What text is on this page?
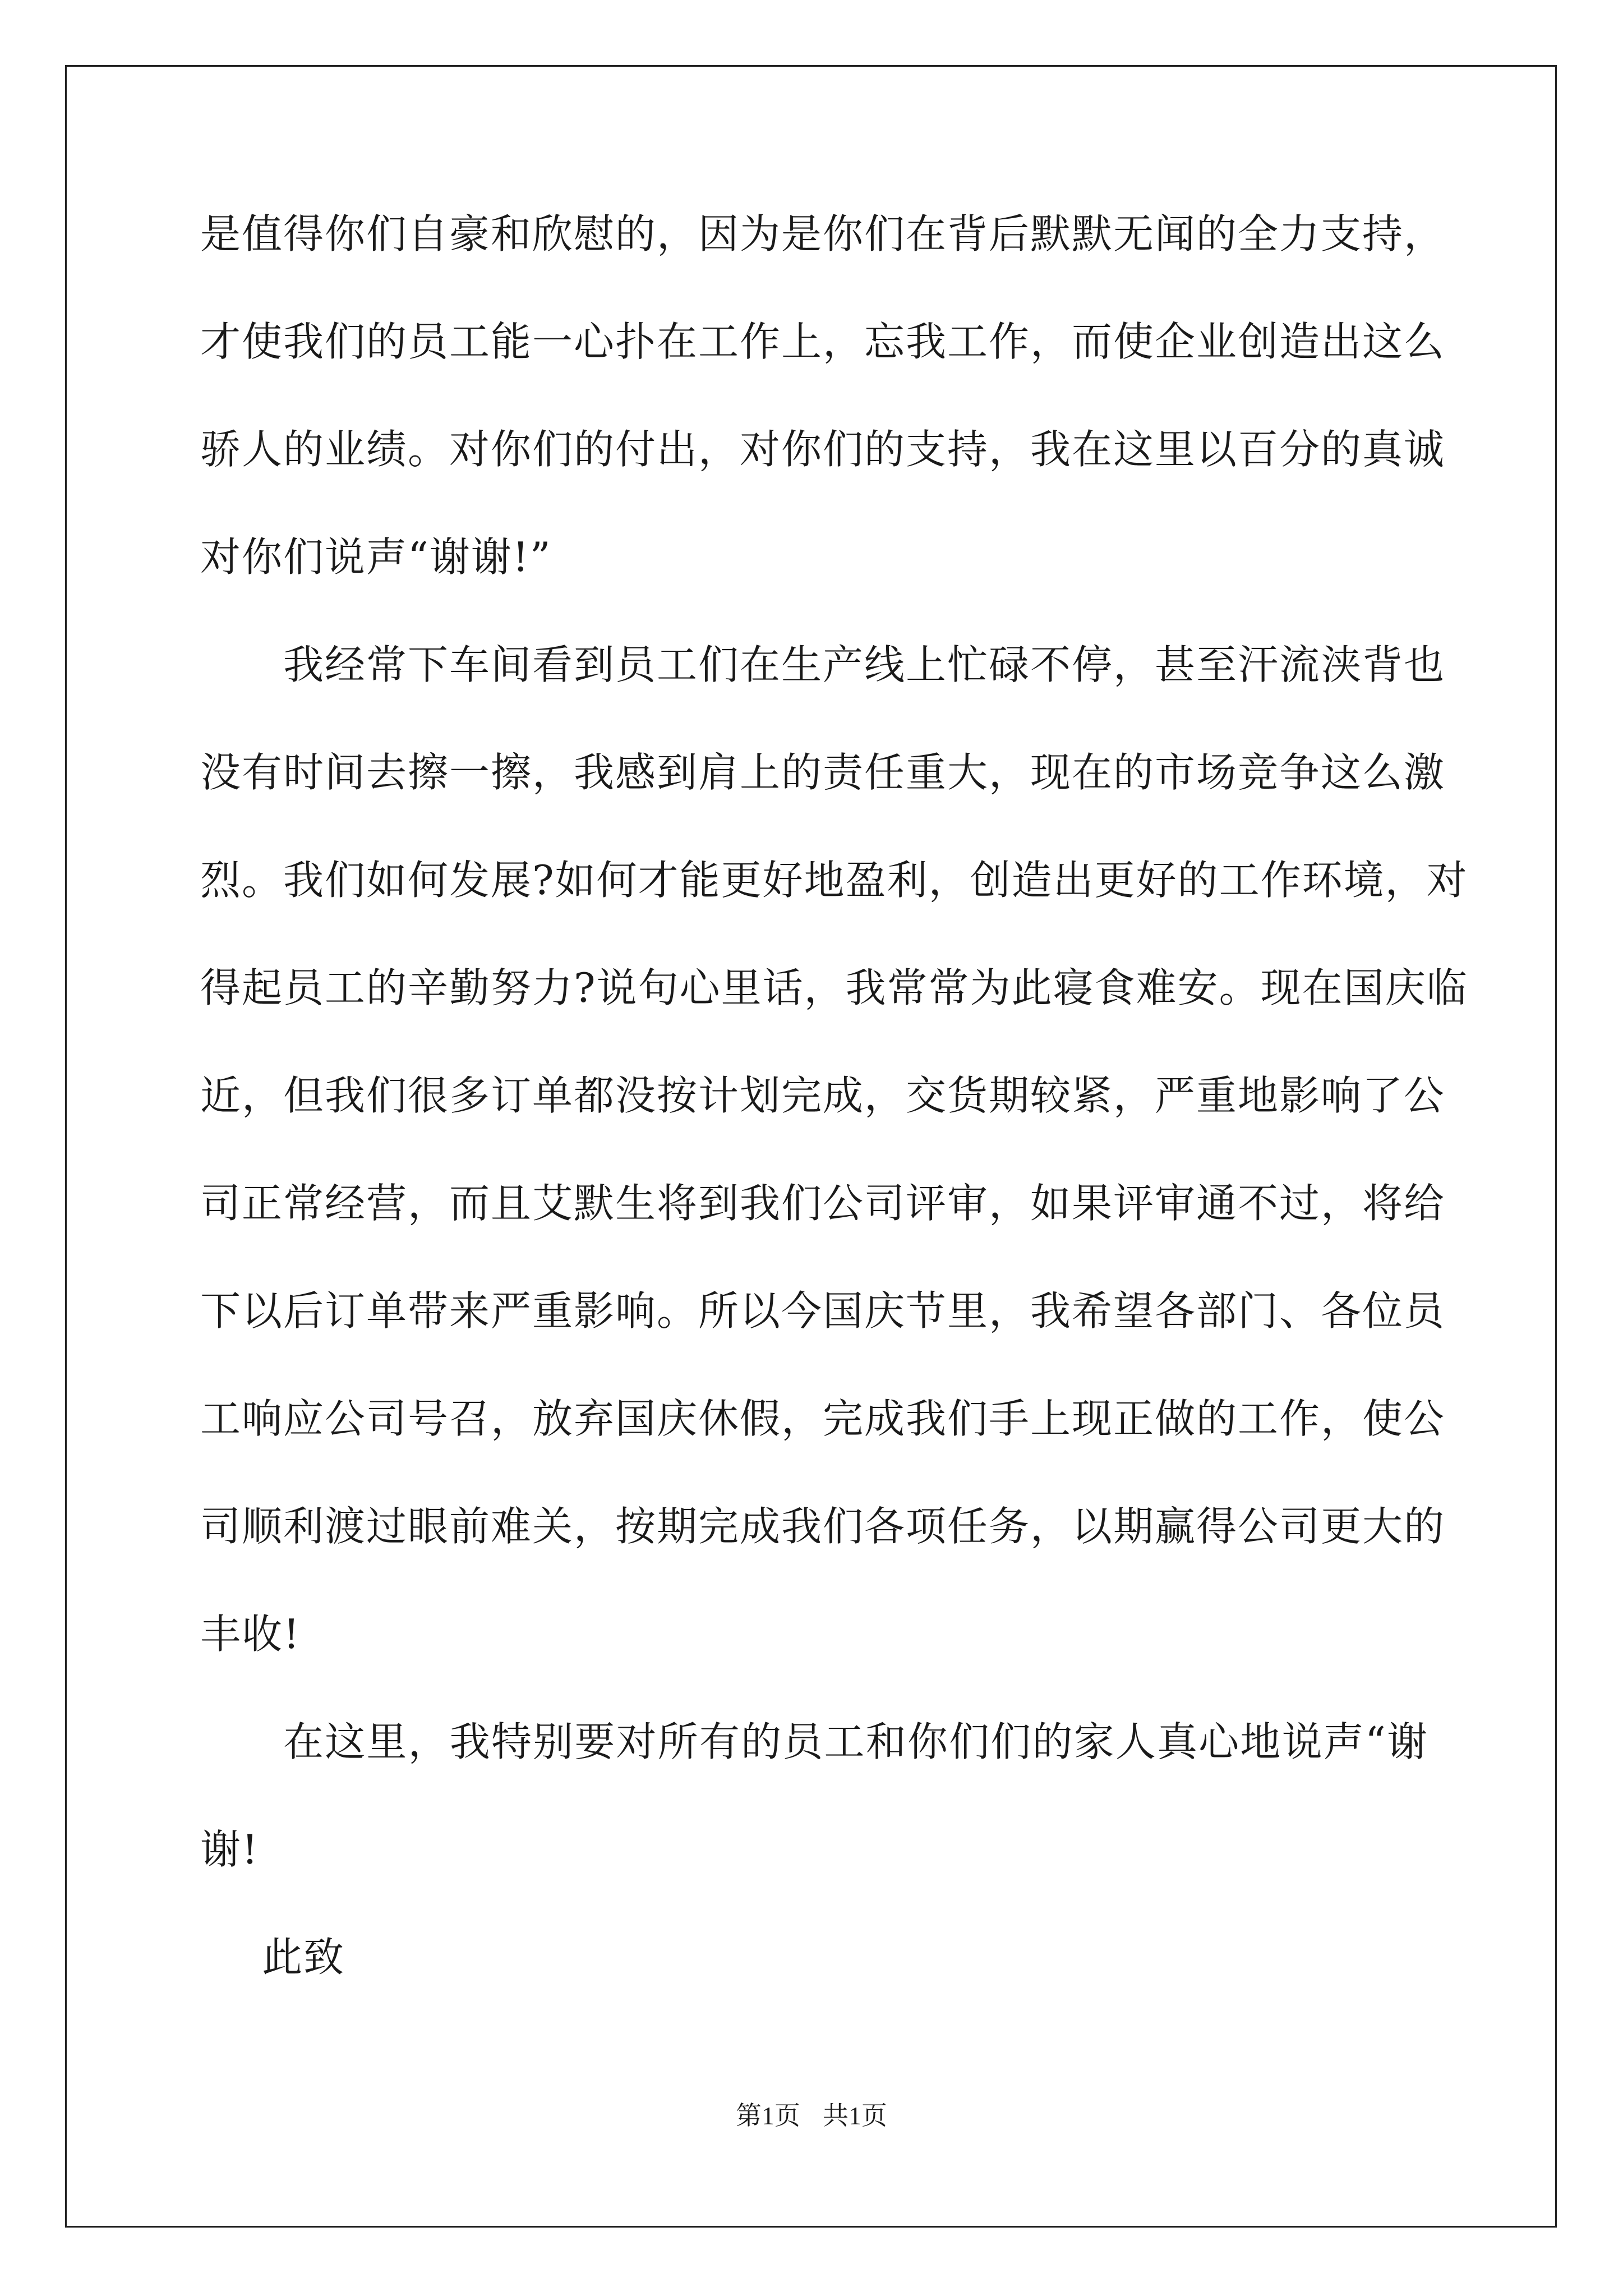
是值得你们自豪和欣慰的，因为是你们在背后默默无闻的全力支持，
才使我们的员工能一心扑在工作上，忘我工作，而使企业创造出这么
骄人的业绩。对你们的付出，对你们的支持，我在这里以百分的真诚
对你们说声“谢谢!”
我经常下车间看到员工们在生产线上忙碌不停，甚至汗流浃背也
没有时间去擦一擦，我感到肩上的责任重大，现在的市场竞争这么激
烈。我们如何发展?如何才能更好地盈利，创造出更好的工作环境，对
得起员工的辛勤努力?说句心里话，我常常为此寝食难安。现在国庆临
近，但我们很多订单都没按计划完成，交货期较紧，严重地影响了公
司正常经营，而且艾默生将到我们公司评审，如果评审通不过，将给
下以后订单带来严重影响。所以今国庆节里，我希望各部门、各位员
工响应公司号召，放弃国庆休假，完成我们手上现正做的工作，使公
司顺利渡过眼前难关，按期完成我们各项任务，以期赢得公司更大的
丰收!
在这里，我特别要对所有的员工和你们们的家人真心地说声“谢
谢!
此致
第1页 共1页
